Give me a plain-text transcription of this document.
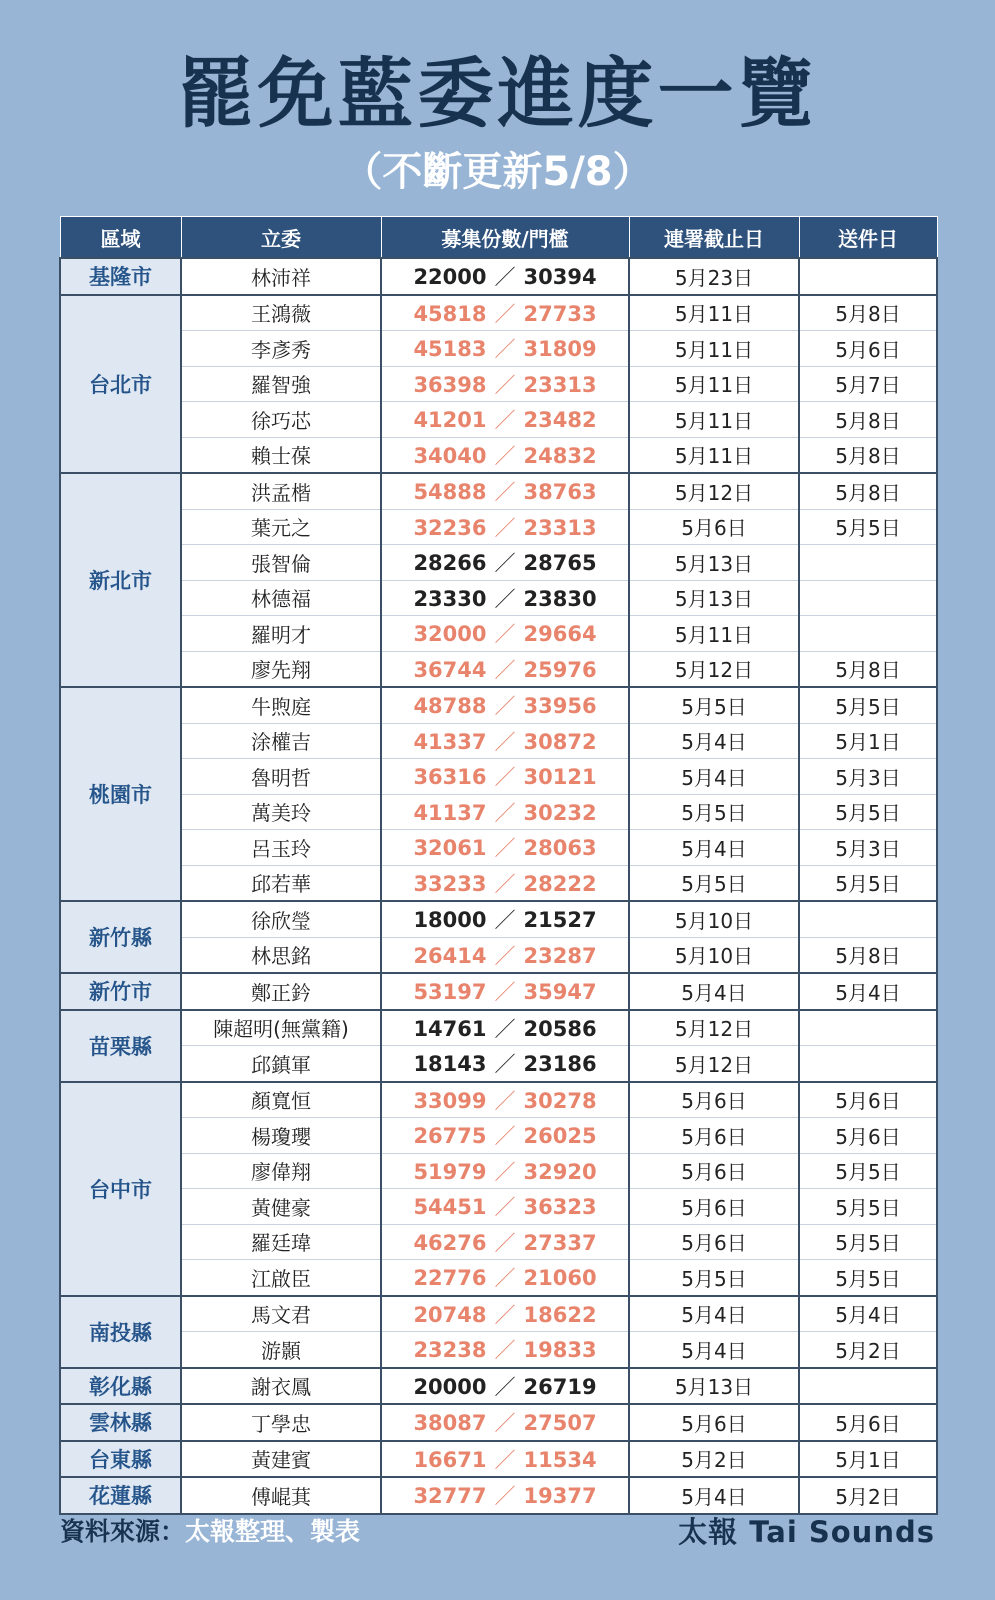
罷免藍委進度一覽
（不斷更新5/8）
區域	立委	募集份數/門檻	連署截止日	送件日
基隆市	林沛祥	22000 ／ 30394	5月23日	
台北市	王鴻薇	45818 ／ 27733	5月11日	5月8日
	李彥秀	45183 ／ 31809	5月11日	5月6日
	羅智強	36398 ／ 23313	5月11日	5月7日
	徐巧芯	41201 ／ 23482	5月11日	5月8日
	賴士葆	34040 ／ 24832	5月11日	5月8日
新北市	洪孟楷	54888 ／ 38763	5月12日	5月8日
	葉元之	32236 ／ 23313	5月6日	5月5日
	張智倫	28266 ／ 28765	5月13日	
	林德福	23330 ／ 23830	5月13日	
	羅明才	32000 ／ 29664	5月11日	
	廖先翔	36744 ／ 25976	5月12日	5月8日
桃園市	牛煦庭	48788 ／ 33956	5月5日	5月5日
	涂權吉	41337 ／ 30872	5月4日	5月1日
	魯明哲	36316 ／ 30121	5月4日	5月3日
	萬美玲	41137 ／ 30232	5月5日	5月5日
	呂玉玲	32061 ／ 28063	5月4日	5月3日
	邱若華	33233 ／ 28222	5月5日	5月5日
新竹縣	徐欣瑩	18000 ／ 21527	5月10日	
	林思銘	26414 ／ 23287	5月10日	5月8日
新竹市	鄭正鈐	53197 ／ 35947	5月4日	5月4日
苗栗縣	陳超明(無黨籍)	14761 ／ 20586	5月12日	
	邱鎮軍	18143 ／ 23186	5月12日	
台中市	顏寬恒	33099 ／ 30278	5月6日	5月6日
	楊瓊瓔	26775 ／ 26025	5月6日	5月6日
	廖偉翔	51979 ／ 32920	5月6日	5月5日
	黃健豪	54451 ／ 36323	5月6日	5月5日
	羅廷瑋	46276 ／ 27337	5月6日	5月5日
	江啟臣	22776 ／ 21060	5月5日	5月5日
南投縣	馬文君	20748 ／ 18622	5月4日	5月4日
	游顥	23238 ／ 19833	5月4日	5月2日
彰化縣	謝衣鳳	20000 ／ 26719	5月13日	
雲林縣	丁學忠	38087 ／ 27507	5月6日	5月6日
台東縣	黃建賓	16671 ／ 11534	5月2日	5月1日
花蓮縣	傅崐萁	32777 ／ 19377	5月4日	5月2日
資料來源：太報整理、製表	太報 Tai Sounds
